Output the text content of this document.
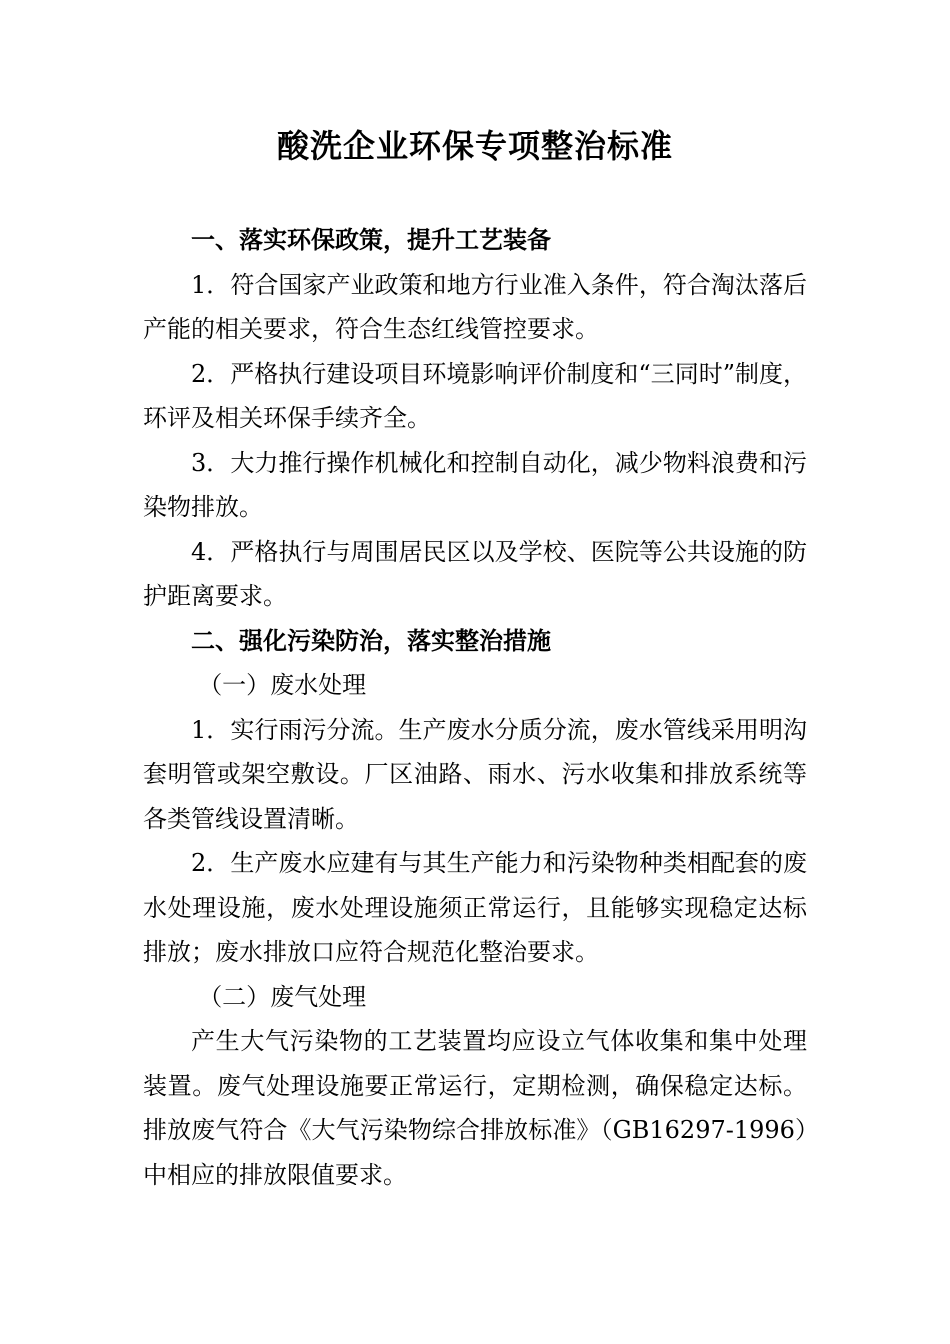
酸洗企业环保专项整治标准

一、落实环保政策，提升工艺装备

1．符合国家产业政策和地方行业准入条件，符合淘汰落后产能的相关要求，符合生态红线管控要求。

2．严格执行建设项目环境影响评价制度和“三同时”制度，环评及相关环保手续齐全。

3．大力推行操作机械化和控制自动化，减少物料浪费和污染物排放。

4．严格执行与周围居民区以及学校、医院等公共设施的防护距离要求。

二、强化污染防治，落实整治措施

（一）废水处理

1．实行雨污分流。生产废水分质分流，废水管线采用明沟套明管或架空敷设。厂区油路、雨水、污水收集和排放系统等各类管线设置清晰。

2．生产废水应建有与其生产能力和污染物种类相配套的废水处理设施，废水处理设施须正常运行，且能够实现稳定达标排放；废水排放口应符合规范化整治要求。

（二）废气处理

产生大气污染物的工艺装置均应设立气体收集和集中处理装置。废气处理设施要正常运行，定期检测，确保稳定达标。排放废气符合《大气污染物综合排放标准》（GB16297-1996）中相应的排放限值要求。
